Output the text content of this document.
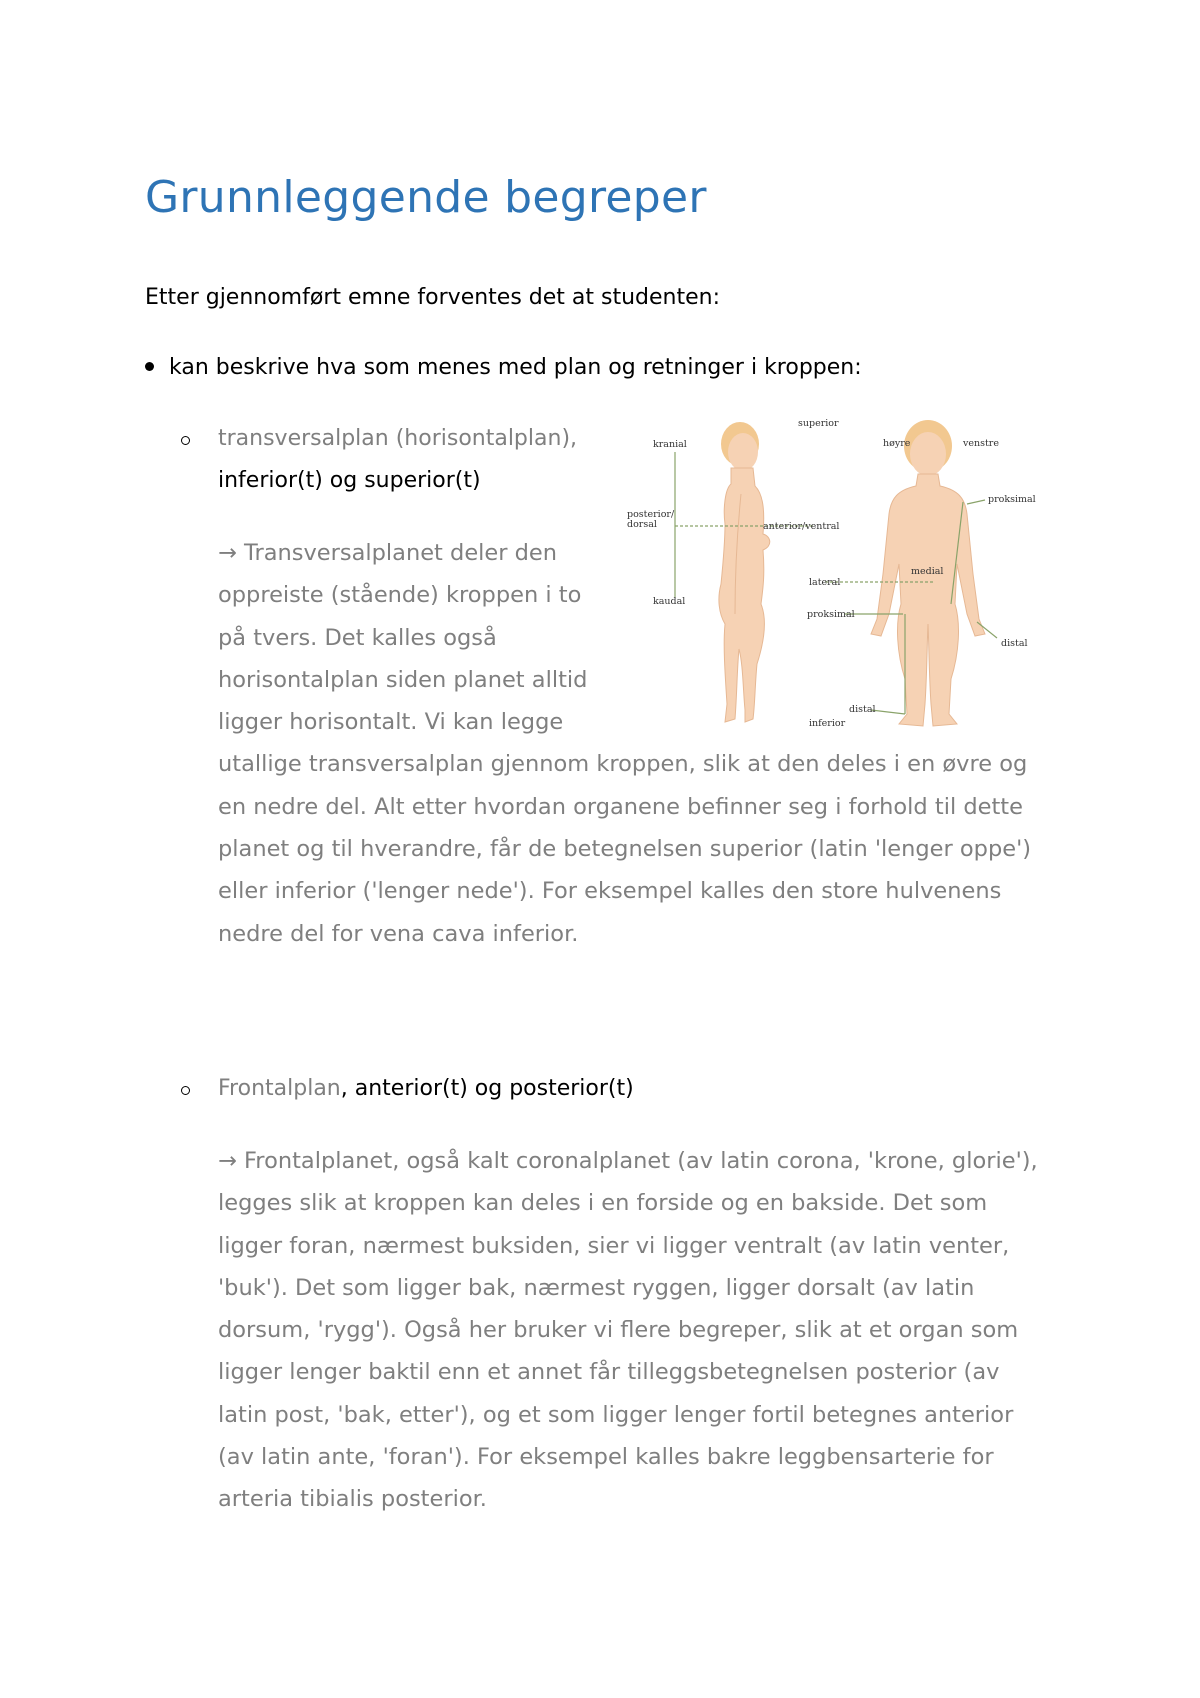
Grunnleggende begreper

Etter gjennomført emne forventes det at studenten:

kan beskrive hva som menes med plan og retninger i kroppen:

transversalplan (horisontalplan),
inferior(t) og superior(t)
kranial
posterior/
dorsal
kaudal
anterior/ventral
superior
høyre	venstre
proksimal
medial
lateral
proksimal
distal
distal
inferior
→ Transversalplanet deler den oppreiste (stående) kroppen i to på tvers. Det kalles også horisontalplan siden planet alltid ligger horisontalt. Vi kan legge utallige transversalplan gjennom kroppen, slik at den deles i en øvre og en nedre del. Alt etter hvordan organene befinner seg i forhold til dette planet og til hverandre, får de betegnelsen superior (latin 'lenger oppe') eller inferior ('lenger nede'). For eksempel kalles den store hulvenens nedre del for vena cava inferior.
Frontalplan, anterior(t) og posterior(t)

→ Frontalplanet, også kalt coronalplanet (av latin corona, 'krone, glorie'), legges slik at kroppen kan deles i en forside og en bakside. Det som ligger foran, nærmest buksiden, sier vi ligger ventralt (av latin venter, 'buk'). Det som ligger bak, nærmest ryggen, ligger dorsalt (av latin dorsum, 'rygg'). Også her bruker vi flere begreper, slik at et organ som ligger lenger baktil enn et annet får tilleggsbetegnelsen posterior (av latin post, 'bak, etter'), og et som ligger lenger fortil betegnes anterior (av latin ante, 'foran'). For eksempel kalles bakre leggbensarterie for arteria tibialis posterior.
